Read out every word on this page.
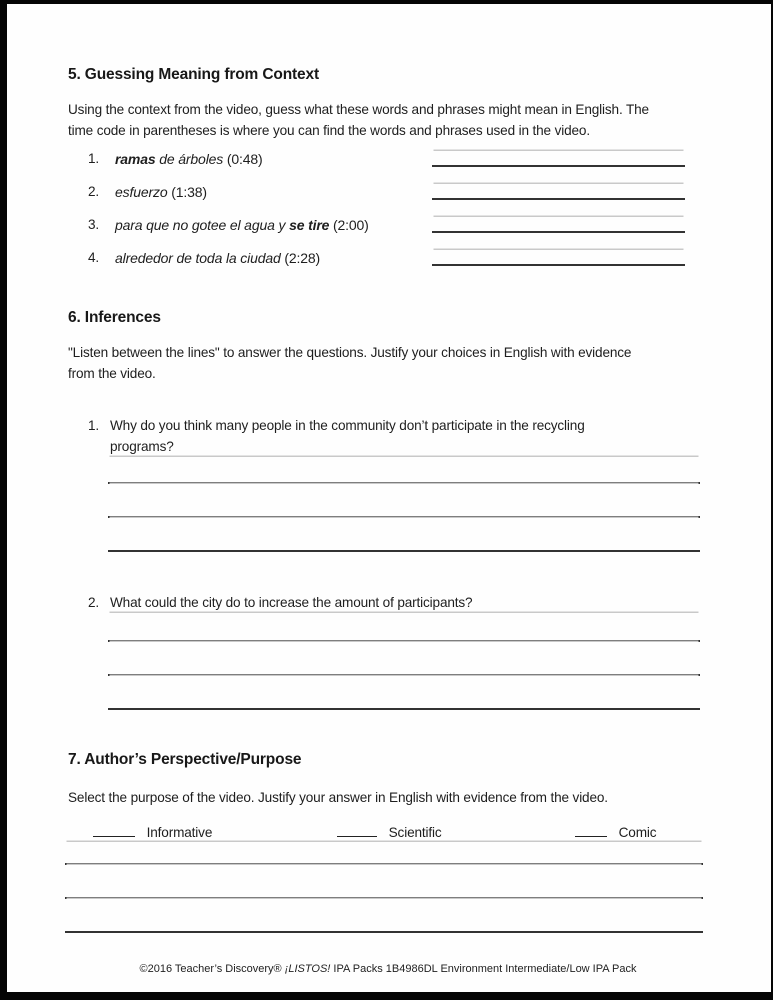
5. Guessing Meaning from Context
Using the context from the video, guess what these words and phrases might mean in English. The
time code in parentheses is where you can find the words and phrases used in the video.
1.	ramas de árboles (0:48)
2.	esfuerzo (1:38)
3.	para que no gotee el agua y se tire (2:00)
4.	alrededor de toda la ciudad (2:28)
6. Inferences
"Listen between the lines" to answer the questions. Justify your choices in English with evidence
from the video.
1. Why do you think many people in the community don’t participate in the recycling
programs?
2. What could the city do to increase the amount of participants?
7. Author’s Perspective/Purpose
Select the purpose of the video. Justify your answer in English with evidence from the video.
Informative	Scientific	Comic
©2016 Teacher’s Discovery® ¡LISTOS! IPA Packs 1B4986DL Environment Intermediate/Low IPA Pack
